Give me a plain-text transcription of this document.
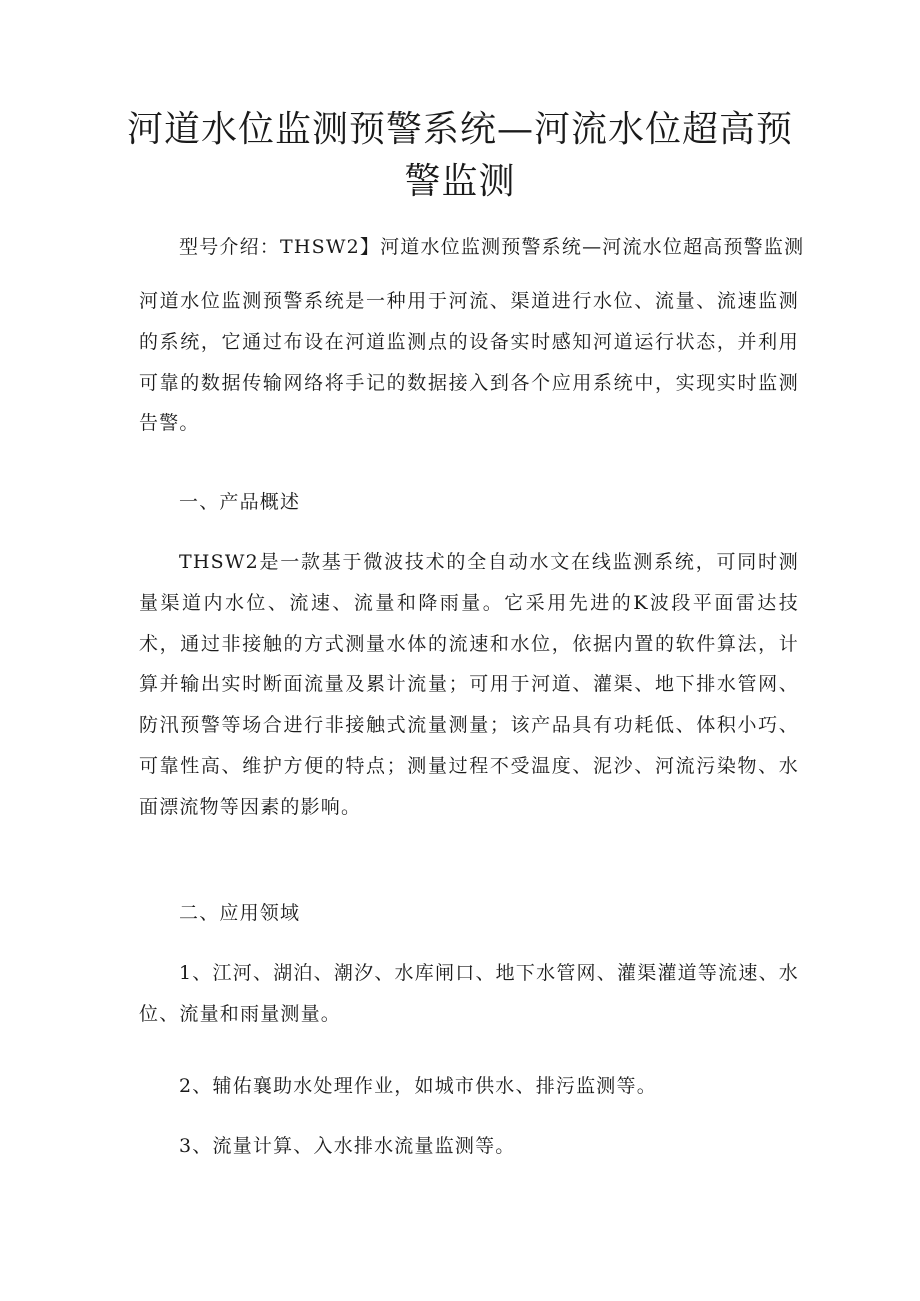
河道水位监测预警系统—河流水位超高预警监测

型号介绍：THSW2】河道水位监测预警系统—河流水位超高预警监测

河道水位监测预警系统是一种用于河流、渠道进行水位、流量、流速监测的系统，它通过布设在河道监测点的设备实时感知河道运行状态，并利用可靠的数据传输网络将手记的数据接入到各个应用系统中，实现实时监测告警。

一、产品概述

THSW2是一款基于微波技术的全自动水文在线监测系统，可同时测量渠道内水位、流速、流量和降雨量。它采用先进的K波段平面雷达技术，通过非接触的方式测量水体的流速和水位，依据内置的软件算法，计算并输出实时断面流量及累计流量；可用于河道、灌渠、地下排水管网、防汛预警等场合进行非接触式流量测量；该产品具有功耗低、体积小巧、可靠性高、维护方便的特点；测量过程不受温度、泥沙、河流污染物、水面漂流物等因素的影响。

二、应用领域

1、江河、湖泊、潮汐、水库闸口、地下水管网、灌渠灌道等流速、水位、流量和雨量测量。

2、辅佑襄助水处理作业，如城市供水、排污监测等。

3、流量计算、入水排水流量监测等。
